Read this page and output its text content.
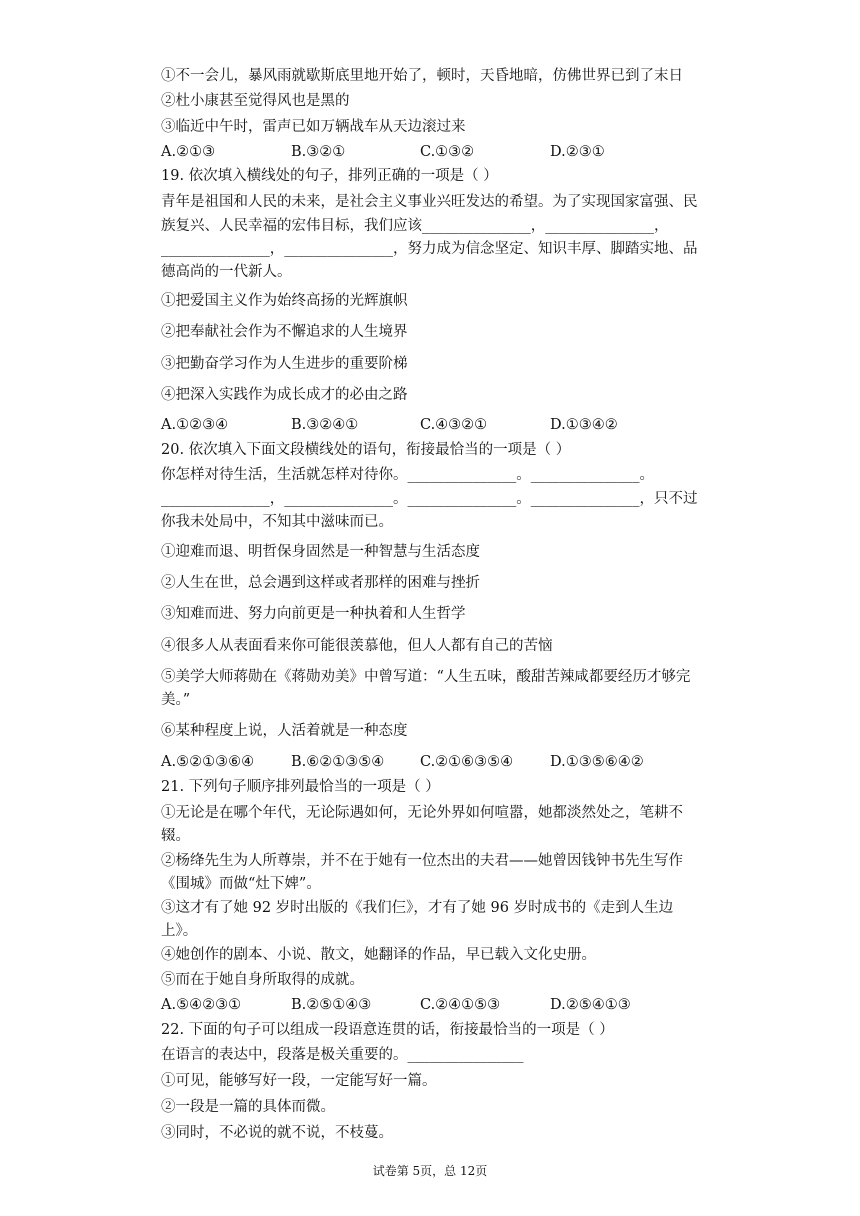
①不一会儿，暴风雨就歇斯底里地开始了，顿时，天昏地暗，仿佛世界已到了末日
②杜小康甚至觉得风也是黑的
③临近中午时，雷声已如万辆战车从天边滚过来
A.②①③	B.③②①	C.①③②	D.②③①
19. 依次填入横线处的句子，排列正确的一项是（ ）
青年是祖国和人民的未来，是社会主义事业兴旺发达的希望。为了实现国家富强、民
族复兴、人民幸福的宏伟目标，我们应该_______________，_______________，
_______________，_______________，努力成为信念坚定、知识丰厚、脚踏实地、品
德高尚的一代新人。
①把爱国主义作为始终高扬的光辉旗帜
②把奉献社会作为不懈追求的人生境界
③把勤奋学习作为人生进步的重要阶梯
④把深入实践作为成长成才的必由之路
A.①②③④	B.③②④①	C.④③②①	D.①③④②
20. 依次填入下面文段横线处的语句，衔接最恰当的一项是（ ）
你怎样对待生活，生活就怎样对待你。_______________。_______________。
_______________，_______________。_______________。_______________，只不过
你我未处局中，不知其中滋味而已。
①迎难而退、明哲保身固然是一种智慧与生活态度
②人生在世，总会遇到这样或者那样的困难与挫折
③知难而进、努力向前更是一种执着和人生哲学
④很多人从表面看来你可能很羡慕他，但人人都有自己的苦恼
⑤美学大师蒋勋在《蒋勋劝美》中曾写道：“人生五味，酸甜苦辣咸都要经历才够完
美。”
⑥某种程度上说，人活着就是一种态度
A.⑤②①③⑥④	B.⑥②①③⑤④ C.②①⑥③⑤④	D.①③⑤⑥④②
21. 下列句子顺序排列最恰当的一项是（ ）
①无论是在哪个年代，无论际遇如何，无论外界如何喧嚣，她都淡然处之，笔耕不
辍。
②杨绛先生为人所尊崇，并不在于她有一位杰出的夫君——她曾因钱钟书先生写作
《围城》而做“灶下婢”。
③这才有了她 92 岁时出版的《我们仨》，才有了她 96 岁时成书的《走到人生边
上》。
④她创作的剧本、小说、散文，她翻译的作品，早已载入文化史册。
⑤而在于她自身所取得的成就。
A.⑤④②③①	B.②⑤①④③	C.②④①⑤③	D.②⑤④①③
22. 下面的句子可以组成一段语意连贯的话，衔接最恰当的一项是（ ）
在语言的表达中，段落是极关重要的。________________
①可见，能够写好一段，一定能写好一篇。
②一段是一篇的具体而微。
③同时，不必说的就不说，不枝蔓。
试卷第 5页，总 12页
